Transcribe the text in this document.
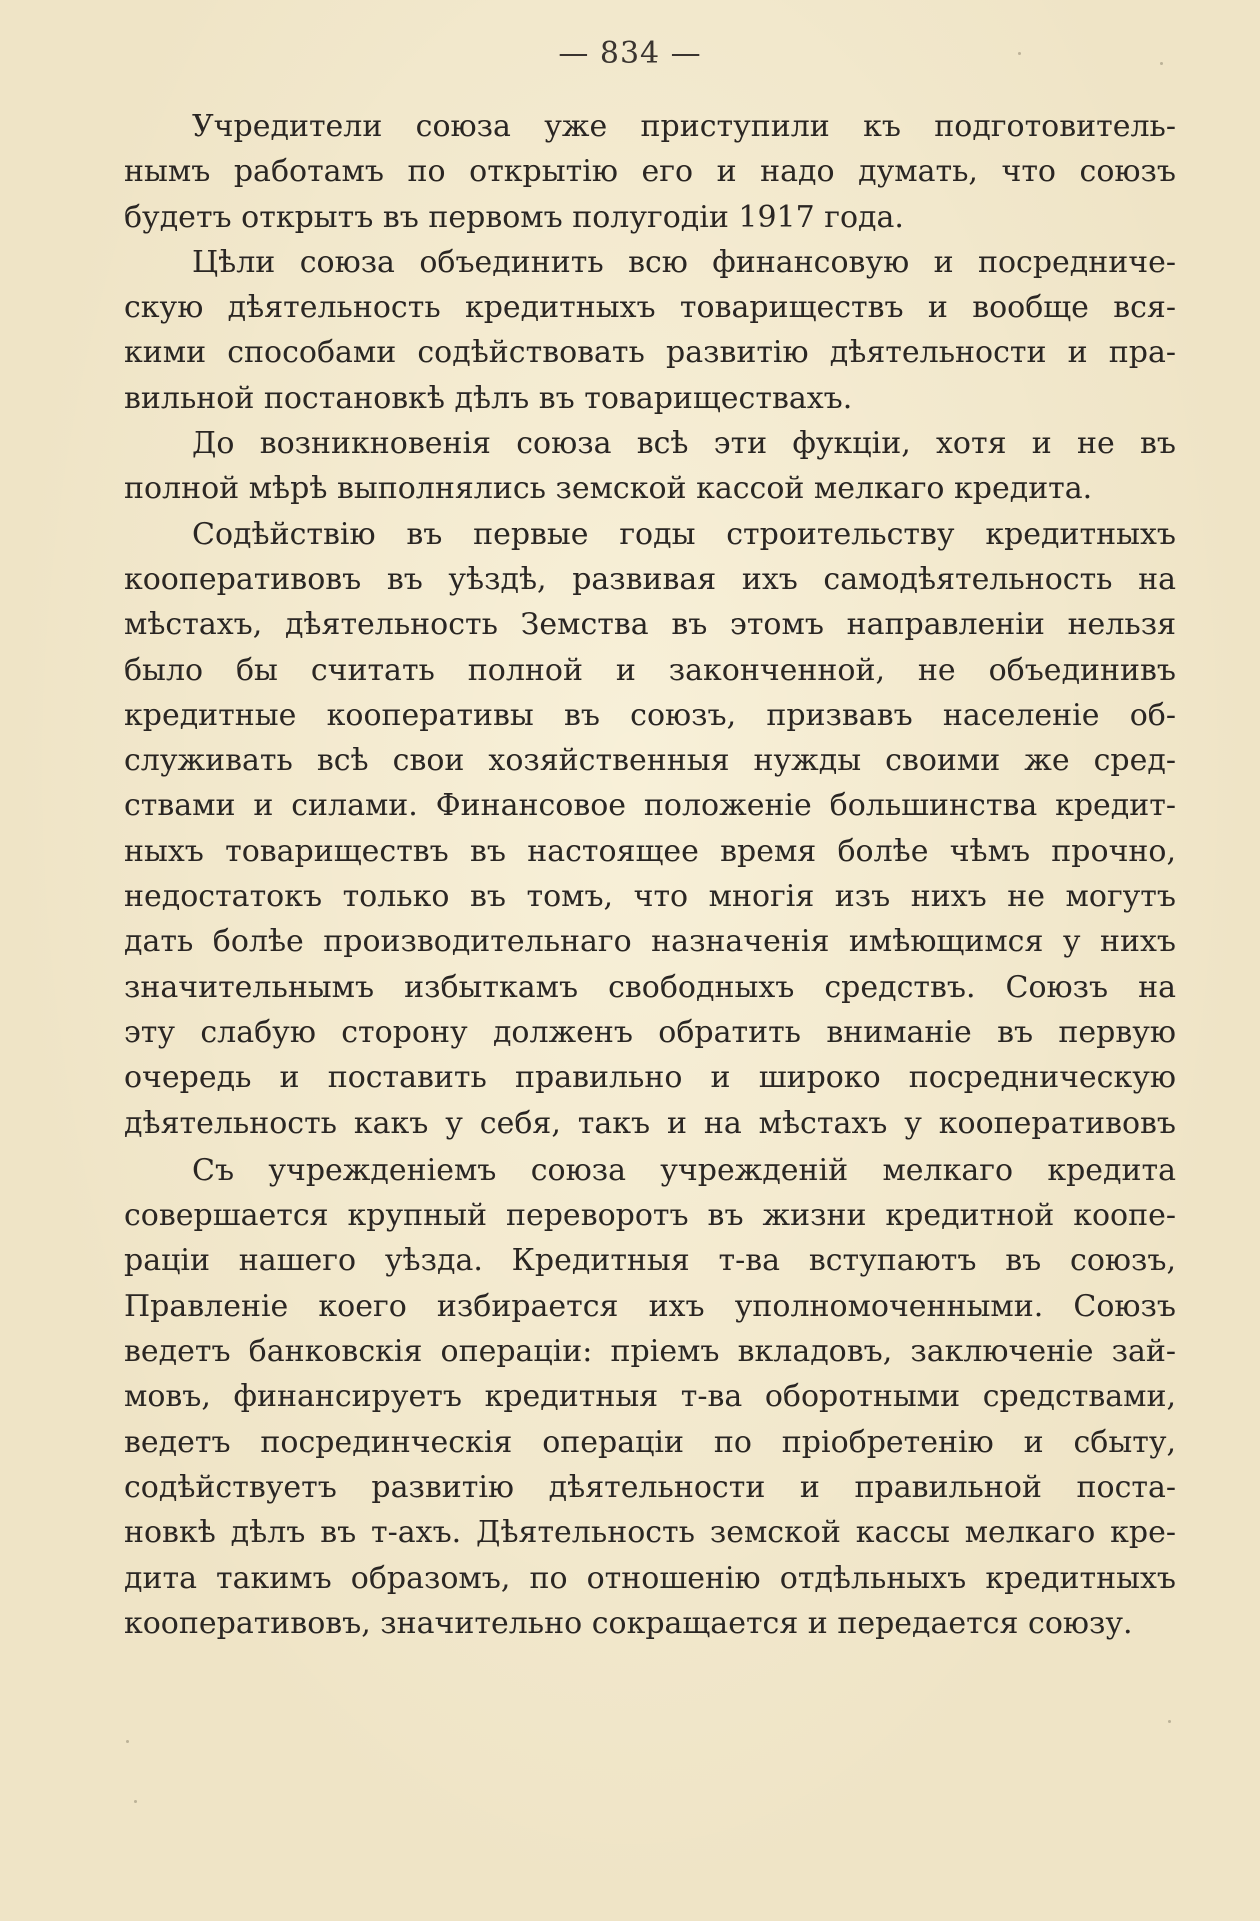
— 834 —
Учредители союза уже приступили къ подготовитель-
нымъ работамъ по открытію его и надо думать, что союзъ
будетъ открытъ въ первомъ полугодіи 1917 года.
Цѣли союза объединить всю финансовую и посредниче-
скую дѣятельность кредитныхъ товариществъ и вообще вся-
кими способами содѣйствовать развитію дѣятельности и пра-
вильной постановкѣ дѣлъ въ товариществахъ.
До возникновенія союза всѣ эти фукціи, хотя и не въ
полной мѣрѣ выполнялись земской кассой мелкаго кредита.
Содѣйствію въ первые годы строительству кредитныхъ
кооперативовъ въ уѣздѣ, развивая ихъ самодѣятельность на
мѣстахъ, дѣятельность Земства въ этомъ направленіи нельзя
было бы считать полной и законченной, не объединивъ
кредитные кооперативы въ союзъ, призвавъ населеніе об-
служивать всѣ свои хозяйственныя нужды своими же сред-
ствами и силами. Финансовое положеніе большинства кредит-
ныхъ товариществъ въ настоящее время болѣе чѣмъ прочно,
недостатокъ только въ томъ, что многія изъ нихъ не могутъ
дать болѣе производительнаго назначенія имѣющимся у нихъ
значительнымъ избыткамъ свободныхъ средствъ. Союзъ на
эту слабую сторону долженъ обратить вниманіе въ первую
очередь и поставить правильно и широко посредническую
дѣятельность какъ у себя, такъ и на мѣстахъ у кооперативовъ
Съ учрежденіемъ союза учрежденій мелкаго кредита
совершается крупный переворотъ въ жизни кредитной коопе-
раціи нашего уѣзда. Кредитныя т-ва вступаютъ въ союзъ,
Правленіе коего избирается ихъ уполномоченными. Союзъ
ведетъ банковскія операціи: пріемъ вкладовъ, заключеніе зай-
мовъ, финансируетъ кредитныя т-ва оборотными средствами,
ведетъ посрединческія операціи по пріобретенію и сбыту,
содѣйствуетъ развитію дѣятельности и правильной поста-
новкѣ дѣлъ въ т-ахъ. Дѣятельность земской кассы мелкаго кре-
дита такимъ образомъ, по отношенію отдѣльныхъ кредитныхъ
кооперативовъ, значительно сокращается и передается союзу.
